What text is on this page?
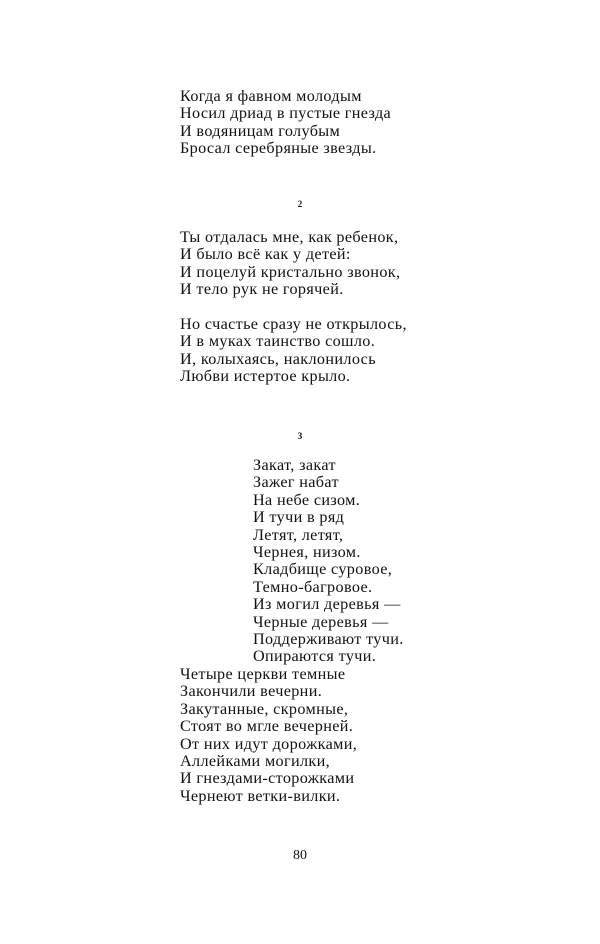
Когда я фавном молодым
Носил дриад в пустые гнезда
И водяницам голубым
Бросал серебряные звезды.
2
Ты отдалась мне, как ребенок,
И было всё как у детей:
И поцелуй кристально звонок,
И тело рук не горячей.
Но счастье сразу не открылось,
И в муках таинство сошло.
И, колыхаясь, наклонилось
Любви истертое крыло.
3
Закат, закат
Зажег набат
На небе сизом.
И тучи в ряд
Летят, летят,
Чернея, низом.
Кладбище суровое,
Темно-багровое.
Из могил деревья —
Черные деревья —
Поддерживают тучи.
Опираются тучи.
Четыре церкви темные
Закончили вечерни.
Закутанные, скромные,
Стоят во мгле вечерней.
От них идут дорожками,
Аллейками могилки,
И гнездами-сторожками
Чернеют ветки-вилки.
80
